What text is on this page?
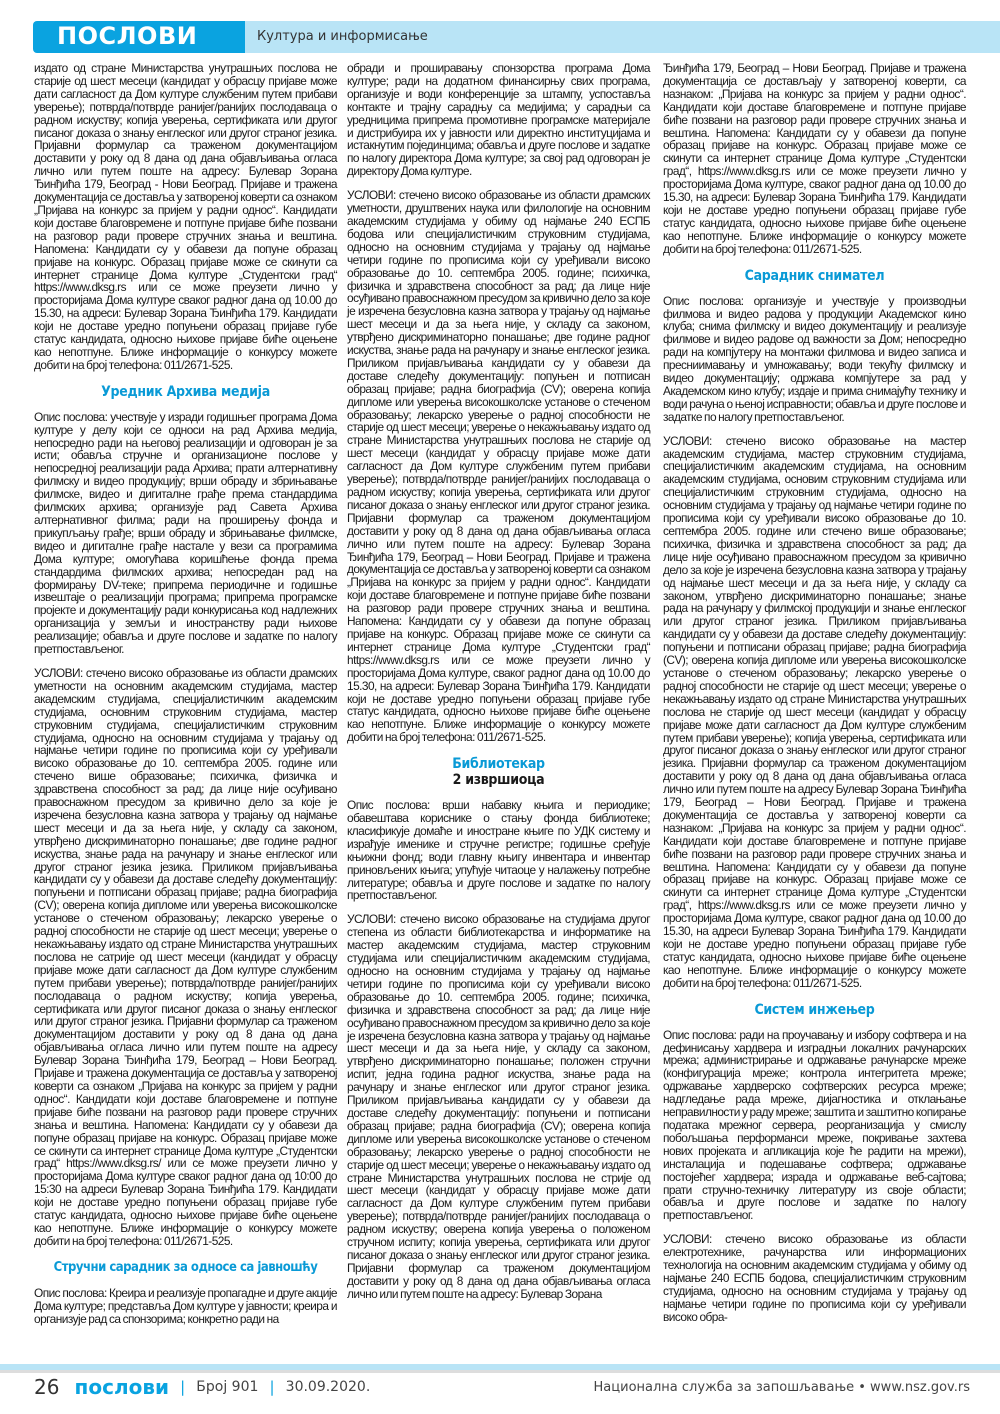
ПОСЛОВИ	Култура и информисање

издато од стране Министарства унутрашњих послова не старије од шест месеци (кандидат у обрасцу пријаве може дати сагласност да Дом културе службеним путем прибави уверење); потврда/потврде ранијег/ранијих послодаваца о радном искуству; копија уверења, сертификата или другог писаног доказа о знању енглеског или другог страног језика. Пријавни формулар са траженом документацијом доставити у року од 8 дана од дана објављивања огласа лично или путем поште на адресу: Булевар Зорана Ђинђића 179, Београд - Нови Београд. Пријаве и тражена документација се доставља у затвореној коверти са ознаком „Пријава на конкурс за пријем у радни однос“. Кандидати који доставе благовремене и потпуне пријаве биће позвани на разговор ради провере стручних знања и вештина. Напомена: Кандидати су у обавези да попуне образац пријаве на конкурс. Образац пријаве може се скинути са интернет странице Дома културе „Студентски град“ https://www.dksg.rs или се може преузети лично у просторијама Дома културе сваког радног дана од 10.00 до 15.30, на адреси: Булевар Зорана Ђинђића 179. Кандидати који не доставе уредно попуњени образац пријаве губе статус кандидата, односно њихове пријаве биће оцењене као непотпуне. Ближе информације о конкурсу можете добити на број телефона: 011/2671-525.

Уредник Архива медија

Опис послова: учествује у изради годишњег програма Дома културе у делу који се односи на рад Архива медија, непосредно ради на његовој реализацији и одговоран је за исти; обавља стручне и организационе послове у непосредној реализацији рада Архива; прати алтернативну филмску и видео продукцију; врши обраду и збрињавање филмске, видео и дигиталне грађе према стандардима филмских архива; организује рад Савета Архива алтернативног филма; ради на проширењу фонда и прикупљању грађе; врши обраду и збрињавање филмске, видео и дигиталне грађе настале у вези са програмима Дома културе; омогућава коришћење фонда према стандардима филмских архива; непосредан рад на формирању DV-теке; припрема периодичне и годишње извештаје о реализацији програма; припрема програмске пројекте и документацију ради конкурисања код надлежних организација у земљи и иностранству ради њихове реализације; обавља и друге послове и задатке по налогу претпостављеног.

УСЛОВИ: стечено високо образовање из области драмских уметности на основним академским студијама, мастер академским студијама, специјалистичким академским студијама, основним струковним студијама, мастер струковним студијама, специјалистичким струковним студијама, односно на основним студијама у трајању од најмање четири године по прописима који су уређивали високо образовање до 10. септембра 2005. године или стечено више образовање; психичка, физичка и здравствена способност за рад; да лице није осуђивано правоснажном пресудом за кривично дело за које је изречена безусловна казна затвора у трајању од најмање шест месеци и да за њега није, у складу са законом, утврђено дискриминаторно понашање; две године радног искуства, знање рада на рачунару и знање енглеског или другог страног језика језика. Приликом пријављивања кандидати су у обавези да доставе следећу документацију: попуњени и потписани образац пријаве; радна биографија (CV); оверена копија дипломе или уверења високошколске установе о стеченом образовању; лекарско уверење о радној способности не старије од шест месеци; уверење о некажњавању издато од стране Министарства унутрашњих послова не сатрије од шест месеци (кандидат у обрасцу пријаве може дати сагласност да Дом културе службеним путем прибави уверење); потврда/потврде ранијег/ранијих послодаваца о радном искуству; копија уверења, сертификата или другог писаног доказа о знању енглеског или другог страног језика. Пријавни формулар са траженом документацијом доставити у року од 8 дана од дана објављивања огласа лично или путем поште на адресу Булевар Зорана Ђинђића 179, Београд – Нови Београд. Пријаве и тражена документација се доставља у затвореној коверти са ознаком „Пријава на конкурс за пријем у радни однос“. Кандидати који доставе благовремене и потпуне пријаве биће позвани на разговор ради провере стручних знања и вештина. Напомена: Кандидати су у обавези да попуне образац пријаве на конкурс. Образац пријаве може се скинути са интернет странице Дома културе „Студентски град“ https://www.dksg.rs/ или се може преузети лично у просторијама Дома културе сваког радног дана од 10:00 до 15:30 на адреси Булевар Зорана Ђинђића 179. Кандидати који не доставе уредно попуњени образац пријаве губе статус кандидата, односно њихове пријаве биће оцењене као непотпуне. Ближе информације о конкурсу можете добити на број телефона: 011/2671-525.

Стручни сарадник за односе са јавношћу

Опис послова: Креира и реализује пропагадне и друге акције Дома културе; представља Дом културе у јавности; креира и организује рад са спонзорима; конкретно ради на

обради и проширавању спонзорства програма Дома културе; ради на додатном финансирњу свих програма, организује и води конференције за штампу, успоставља контакте и трајну сарадњу са медијима; у сарадњи са уредницима припрема промотивне програмске материјале и дистрибуира их у јавности или директно институцијама и истакнутим појединцима; обавља и друге послове и задатке по налогу директора Дома културе; за свој рад одговоран је директору Дома културе.

УСЛОВИ: стечено високо образовање из области драмских уметности, друштвених наука или филологије на основним академским студијама у обиму од најмање 240 ЕСПБ бодова или специјалистичким струковним студијама, односно на основним студијама у трајању од најмање четири године по прописима који су уређивали високо образовање до 10. септембра 2005. године; психичка, физичка и здравствена способност за рад; да лице није осуђивано правоснажном пресудом за кривично дело за које је изречена безусловна казна затвора у трајању од најмање шест месеци и да за њега није, у складу са законом, утврђено дискриминаторно понашање; две године радног искуства, знање рада на рачунару и знање енглеског језика. Приликом пријављивања кандидати су у обавези да доставе следећу документацију: попуњен и потписан образац пријаве; радна биографија (CV); оверена копија дипломе или уверења високошколске установе о стеченом образовању; лекарско уверење о радној способности не старије од шест месеци; уверење о некажњавању издато од стране Министарства унутрашњих послова не старије од шест месеци (кандидат у обрасцу пријаве може дати сагласност да Дом културе службеним путем прибави уверење); потврда/потврде ранијег/ранијих послодаваца о радном искуству; копија уверења, сертификата или другог писаног доказа о знању енглеског или другог страног језика. Пријавни формулар са траженом документацијом доставити у року од 8 дана од дана објављивања огласа лично или путем поште на адресу: Булевар Зорана Ђинђића 179, Београд – Нови Београд. Пријаве и тражена документација се доставља у затвореној коверти са ознаком „Пријава на конкурс за пријем у радни однос“. Кандидати који доставе благовремене и потпуне пријаве биће позвани на разговор ради провере стручних знања и вештина. Напомена: Кандидати су у обавези да попуне образац пријаве на конкурс. Образац пријаве може се скинути са интернет странице Дома културе „Студентски град“ https://www.dksg.rs или се може преузети лично у просторијама Дома културе, сваког радног дана од 10.00 до 15.30, на адреси: Булевар Зорана Ђинђића 179. Кандидати који не доставе уредно попуњени образац пријаве губе статус кандидата, односно њихове пријаве биће оцењене као непотпуне. Ближе информације о конкурсу можете добити на број телефона: 011/2671-525.

Библиотекар
2 извршиоца

Опис послова: врши набавку књига и периодике; обавештава кориснике о стању фонда библиотеке; класификује домаће и иностране књиге по УДК систему и израђује именике и стручне регистре; годишње сређује књижни фонд; води главну књигу инвентара и инвентар приновљених књига; упућује читаоце у налажењу потребне литературе; обавља и друге послове и задатке по налогу претпостављеног.

УСЛОВИ: стечено високо образовање на студијама другог степена из области библиотекарства и информатике на мастер академским студијама, мастер струковним студијама или специјалистичким академским студијама, односно на основним студијама у трајању од најмање четири године по прописима који су уређивали високо образовање до 10. септембра 2005. године; психичка, физичка и здравствена способност за рад; да лице није осуђивано правоснажном пресудом за кривично дело за које је изречена безусловна казна затвора у трајању од најмање шест месеци и да за њега није, у складу са законом, утврђено дискриминаторно понашање; положен стручни испит, једна година радног искуства, знање рада на рачунару и знање енглеског или другог страног језика. Приликом пријављивања кандидати су у обавези да доставе следећу документацију: попуњени и потписани образац пријаве; радна биографија (CV); оверена копија дипломе или уверења високошколске установе о стеченом образовању; лекарско уверење о радној способности не старије од шест месеци; уверење о некажњавању издато од стране Министарства унутрашњих послова не стрије од шест месеци (кандидат у обрасцу пријаве може дати сагласност да Дом културе службеним путем прибави уверење); потврда/потврде ранијег/ранијих послодаваца о радном искуству; оверена копија уверења о положеном стручном испиту; копија уверења, сертификата или другог писаног доказа о знању енглеског или другог страног језика. Пријавни формулар са траженом документацијом доставити у року од 8 дана од дана објављивања огласа лично или путем поште на адресу: Булевар Зорана

Ђинђића 179, Београд – Нови Београд. Пријаве и тражена документација се достављају у затвореној коверти, са назнаком: „Пријава на конкурс за пријем у радни однос“. Кандидати који доставе благовремене и потпуне пријаве биће позвани на разговор ради провере стручних знања и вештина. Напомена: Кандидати су у обавези да попуне образац пријаве на конкурс. Образац пријаве може се скинути са интернет странице Дома културе „Студентски град“, https://www.dksg.rs или се може преузети лично у просторијама Дома културе, сваког радног дана од 10.00 до 15.30, на адреси: Булевар Зорана Ђинђића 179. Кандидати који не доставе уредно попуњени образац пријаве губе статус кандидата, односно њихове пријаве биће оцењене као непотпуне. Ближе информације о конкурсу можете добити на број телефона: 011/2671-525.

Сарадник снимател

Опис послова: организује и учествује у производњи филмова и видео радова у продукцији Академског кино клуба; снима филмску и видео документацију и реализује филмове и видео радове од важности за Дом; непосредно ради на компјутеру на монтажи филмова и видео записа и пресниимавању и умножавању; води текућу филмску и видео документацију; одржава компјутере за рад у Академском кино клубу; издаје и прима снимајућу технику и води рачуна о њеној исправности; обавља и друге послове и задатке по налогу претпостављеног.

УСЛОВИ: стечено високо образовање на мастер академским студијама, мастер струковним студијама, специјалистичким академским студијама, на основним академским студијама, основим струковним студијама или специјалистичким струковним студијама, односно на основним студијама у трајању од најмање четири године по прописима који су уређивали високо образовање до 10. септембра 2005. године или стечено више образовање; психичка, физичка и здравствена способност за рад; да лице није осуђивано правоснажном пресудом за кривично дело за које је изречена безусловна казна затвора у трајању од најмање шест месеци и да за њега није, у складу са законом, утврђено дискриминаторно понашање; знање рада на рачунару у филмској продукцији и знање енглеског или другог страног језика. Приликом пријављивања кандидати су у обавези да доставе следећу документацију: попуњени и потписани образац пријаве; радна биографија (CV); оверена копија дипломе или уверења високошколске установе о стеченом образовању; лекарско уверење о радној способности не старије од шест месеци; уверење о некажњавању издато од стране Министарства унутрашњих послова не старије од шест месеци (кандидат у обрасцу пријаве може дати сагласност да Дом културе службеним путем прибави уверење); копија уверења, сертификата или другог писаног доказа о знању енглеског или другог страног језика. Пријавни формулар са траженом документацијом доставити у року од 8 дана од дана објављивања огласа лично или путем поште на адресу Булевар Зорана Ђинђића 179, Београд – Нови Београд. Пријаве и тражена документација се доставља у затвореној коверти са назнаком: „Пријава на конкурс за пријем у радни однос“. Кандидати који доставе благовремене и потпуне пријаве биће позвани на разговор ради провере стручних знања и вештина. Напомена: Кандидати су у обавези да попуне образац пријаве на конкурс. Образац пријаве може се скинути са интернет странице Дома културе „Студентски град“, https://www.dksg.rs или се може преузети лично у просторијама Дома културе, сваког радног дана од 10.00 до 15.30, на адреси Булевар Зорана Ђинђића 179. Кандидати који не доставе уредно попуњени образац пријаве губе статус кандидата, односно њихове пријаве биће оцењене као непотпуне. Ближе информације о конкурсу можете добити на број телефона: 011/2671-525.

Систем инжењер

Опис послова: ради на проучавању и избору софтвера и на дефинисању хардвера и изградњи локалних рачунарских мрежа; администрирање и одржавање рачунарске мреже (конфигурација мреже; контрола интегритета мреже; одржавање хардверско софтверских ресурса мреже; надгледање рада мреже, дијагностика и отклањање неправилности у раду мреже; заштита и заштитно копирање података мрежног сервера, реорганизација у смислу побољшања перформанси мреже, покривање захтева нових пројеката и апликација које ће радити на мрежи), инсталација и подешавање софтвера; одржавање постојећег хардвера; израда и одржавање веб-сајтова; прати стручно-техничку литературу из своје области; обавља и друге послове и задатке по налогу претпостављеног.

УСЛОВИ: стечено високо образовање из области електротехнике, рачунарства или информационих технологија на основним академским студијама у обиму од најмање 240 ЕСПБ бодова, специјалистичким струковним студијама, односно на основним студијама у трајању од најмање четири године по прописима који су уређивали високо обра-

26 послови | Број 901 | 30.09.2020.	Национална служба за запошљавање • www.nsz.gov.rs
